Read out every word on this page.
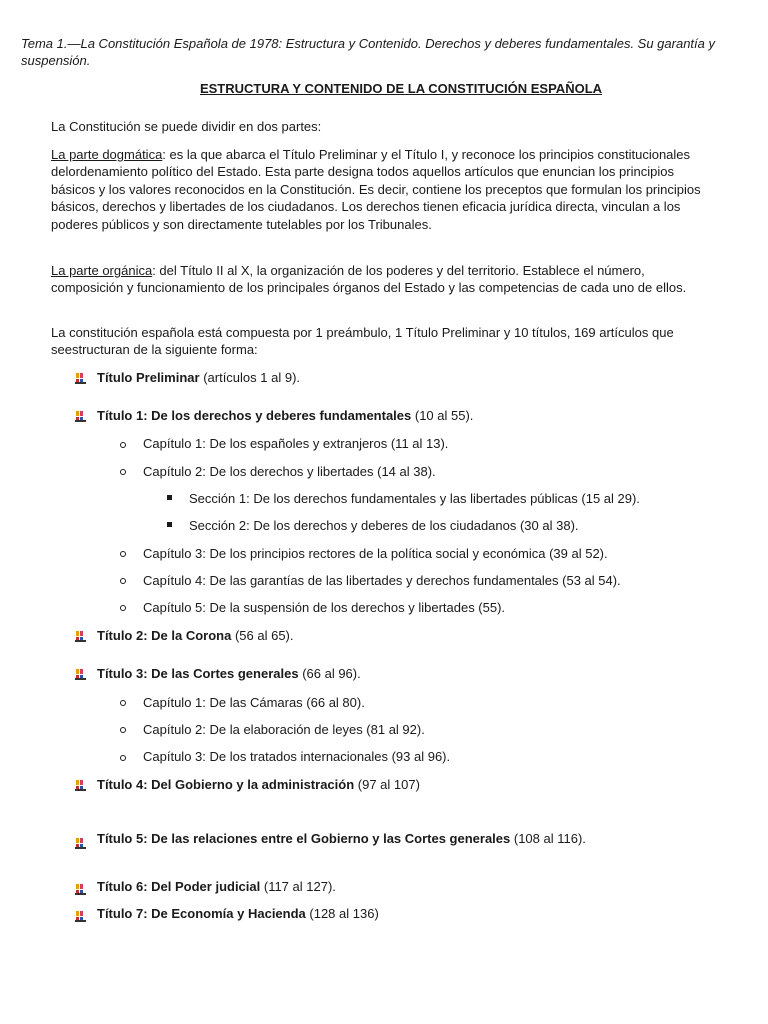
Tema 1.—La Constitución Española de 1978: Estructura y Contenido. Derechos y deberes fundamentales. Su garantía y suspensión.
ESTRUCTURA Y CONTENIDO DE LA CONSTITUCIÓN ESPAÑOLA
La Constitución se puede dividir en dos partes:
La parte dogmática: es la que abarca el Título Preliminar y el Título I, y reconoce los principios constitucionales delordenamiento político del Estado. Esta parte designa todos aquellos artículos que enuncian los principios básicos y los valores reconocidos en la Constitución. Es decir, contiene los preceptos que formulan los principios básicos, derechos y libertades de los ciudadanos. Los derechos tienen eficacia jurídica directa, vinculan a los poderes públicos y son directamente tutelables por los Tribunales.
La parte orgánica: del Título II al X, la organización de los poderes y del territorio. Establece el número, composición y funcionamiento de los principales órganos del Estado y las competencias de cada uno de ellos.
La constitución española está compuesta por 1 preámbulo, 1 Título Preliminar y 10 títulos, 169 artículos que seestructuran de la siguiente forma:
Título Preliminar (artículos 1 al 9).
Título 1: De los derechos y deberes fundamentales (10 al 55).
Capítulo 1: De los españoles y extranjeros (11 al 13).
Capítulo 2: De los derechos y libertades (14 al 38).
Sección 1: De los derechos fundamentales y las libertades públicas (15 al 29).
Sección 2: De los derechos y deberes de los ciudadanos (30 al 38).
Capítulo 3: De los principios rectores de la política social y económica (39 al 52).
Capítulo 4: De las garantías de las libertades y derechos fundamentales (53 al 54).
Capítulo 5: De la suspensión de los derechos y libertades (55).
Título 2: De la Corona (56 al 65).
Título 3: De las Cortes generales (66 al 96).
Capítulo 1: De las Cámaras (66 al 80).
Capítulo 2: De la elaboración de leyes (81 al 92).
Capítulo 3: De los tratados internacionales (93 al 96).
Título 4: Del Gobierno y la administración (97 al 107)
Título 5: De las relaciones entre el Gobierno y las Cortes generales (108 al 116).
Título 6: Del Poder judicial (117 al 127).
Título 7: De Economía y Hacienda (128 al 136)
